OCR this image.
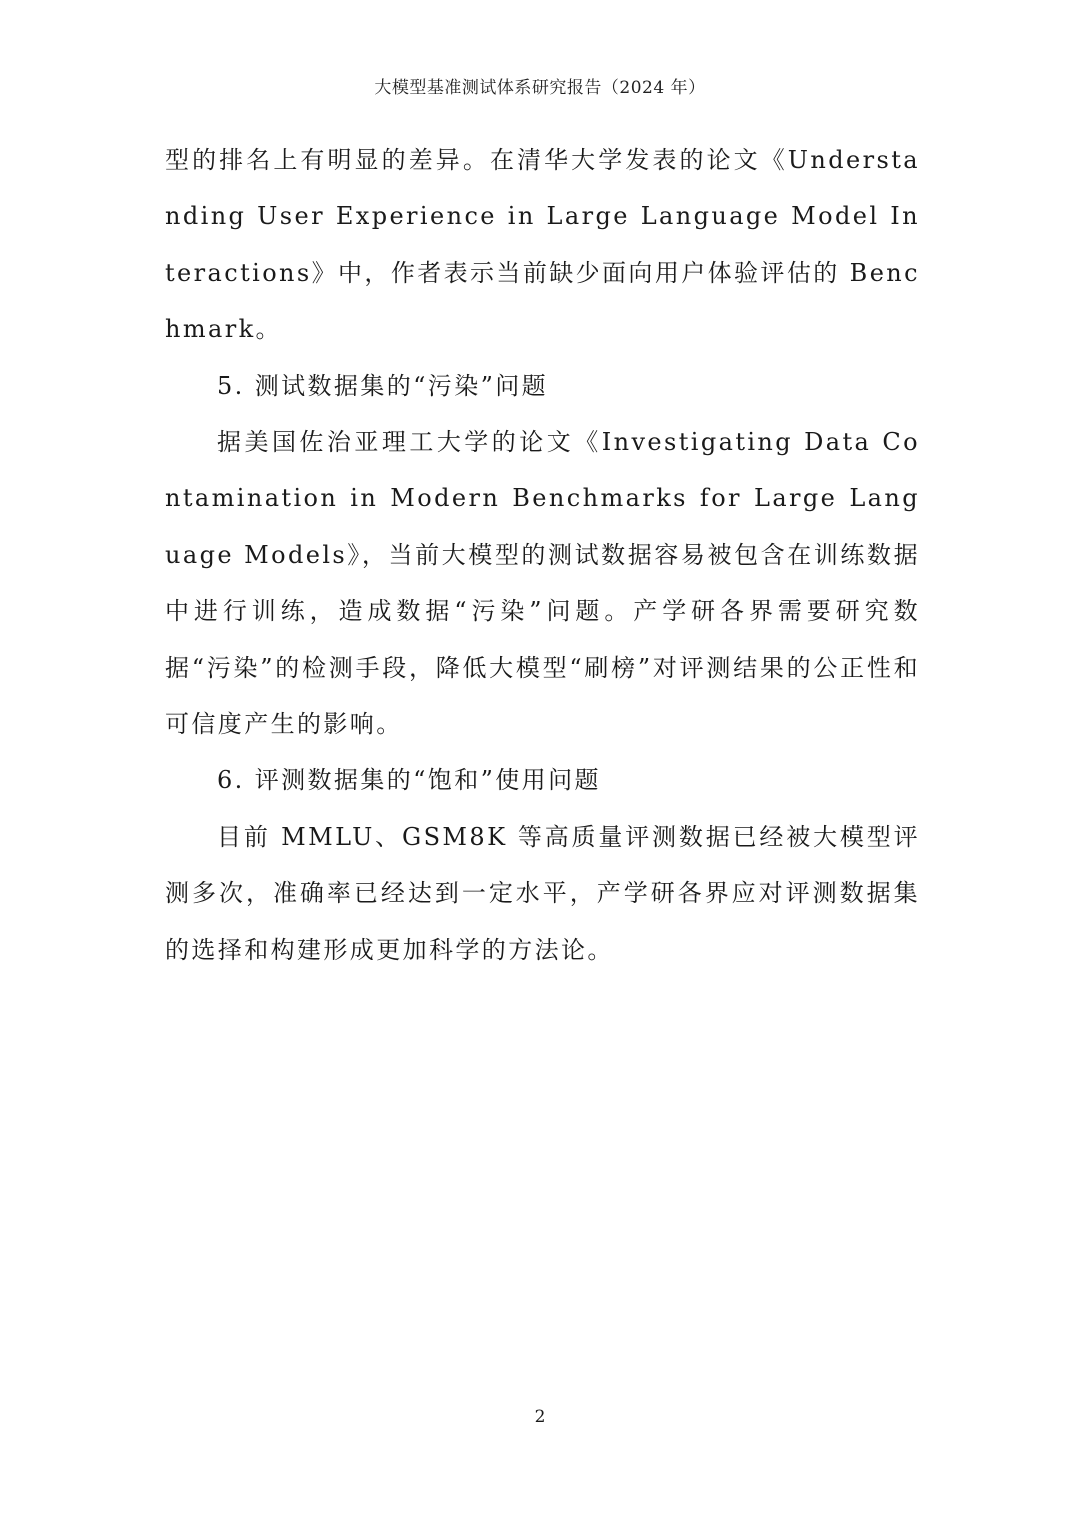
大模型基准测试体系研究报告（2024 年）

型的排名上有明显的差异。在清华大学发表的论文《Understanding User Experience in Large Language Model Interactions》中，作者表示当前缺少面向用户体验评估的 Benchmark。

5. 测试数据集的“污染”问题

据美国佐治亚理工大学的论文《Investigating Data Contamination in Modern Benchmarks for Large Language Models》，当前大模型的测试数据容易被包含在训练数据中进行训练，造成数据“污染”问题。产学研各界需要研究数据“污染”的检测手段，降低大模型“刷榜”对评测结果的公正性和可信度产生的影响。

6. 评测数据集的“饱和”使用问题

目前 MMLU、GSM8K 等高质量评测数据已经被大模型评测多次，准确率已经达到一定水平，产学研各界应对评测数据集的选择和构建形成更加科学的方法论。

2
